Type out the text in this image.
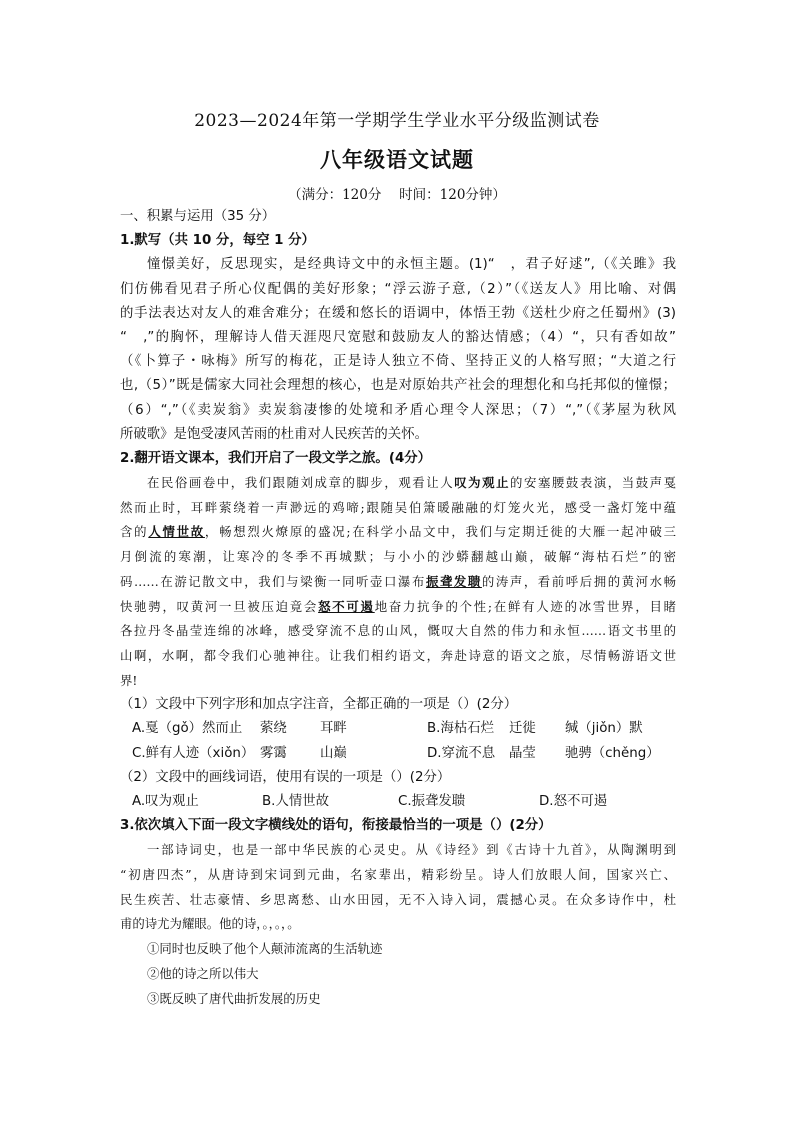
2023—2024年第一学期学生学业水平分级监测试卷
八年级语文试题
（满分：120分　 时间：120分钟）
一、积累与运用（35 分）
1.默写（共 10 分，每空 1 分）
憧憬美好，反思现实，是经典诗文中的永恒主题。(1)“　，君子好逑”,（《关雎》我
们仿佛看见君子所心仪配偶的美好形象；“浮云游子意,（2）”（《送友人》用比喻、对偶
的手法表达对友人的难舍难分；在缓和悠长的语调中，体悟王勃《送杜少府之任蜀州》(3)
“　,”的胸怀，理解诗人借天涯咫尺宽慰和鼓励友人的豁达情感；（4）“，只有香如故”
（《卜算子・咏梅》所写的梅花，正是诗人独立不倚、坚持正义的人格写照；“大道之行
也,（5）”既是儒家大同社会理想的核心，也是对原始共产社会的理想化和乌托邦似的憧憬；
（6）“,”（《卖炭翁》卖炭翁凄惨的处境和矛盾心理令人深思；（7）“,”（《茅屋为秋风
所破歌》是饱受凄风苦雨的杜甫对人民疾苦的关怀。
2.翻开语文课本，我们开启了一段文学之旅。(4分）
在民俗画卷中，我们跟随刘成章的脚步，观看让人叹为观止的安塞腰鼓表演，当鼓声戛
然而止时，耳畔萦绕着一声渺远的鸡啼;跟随吴伯箫暖融融的灯笼火光，感受一盏灯笼中蕴
含的人情世故，畅想烈火燎原的盛况;在科学小品文中，我们与定期迁徙的大雁一起冲破三
月倒流的寒潮，让寒冷的冬季不再城默；与小小的沙蟒翻越山巅，破解“海枯石烂”的密
码……在游记散文中，我们与梁衡一同听壶口瀑布振聋发聩的涛声，看前呼后拥的黄河水畅
快驰骋，叹黄河一旦被压迫竟会怒不可遏地奋力抗争的个性;在鲜有人迹的冰雪世界，目睹
各拉丹冬晶莹连绵的冰峰，感受穿流不息的山风，慨叹大自然的伟力和永恒……语文书里的
山啊，水啊，都令我们心驰神往。让我们相约语文，奔赴诗意的语文之旅，尽情畅游语文世
界!
（1）文段中下列字形和加点字注音，全都正确的一项是（）(2分）
A.戛（gǒ）然而止	萦绕	耳畔	B.海枯石烂	迁徙	缄（jiǒn）默
C.鲜有人迹（xiǒn） 雾霭	山巅	D.穿流不息	晶莹	驰骋（chěng）
（2）文段中的画线词语，使用有误的一项是（）(2分）
A.叹为观止	B.人情世故	C.振聋发聩	D.怒不可遏
3.依次填入下面一段文字横线处的语句，衔接最恰当的一项是（）(2分）
一部诗词史，也是一部中华民族的心灵史。从《诗经》到《古诗十九首》，从陶渊明到
“初唐四杰”，从唐诗到宋词到元曲，名家辈出，精彩纷呈。诗人们放眼人间，国家兴亡、
民生疾苦、壮志豪情、乡思离愁、山水田园，无不入诗入词，震撼心灵。在众多诗作中，杜
甫的诗尤为耀眼。他的诗，。，。，。
①同时也反映了他个人颠沛流离的生活轨迹
②他的诗之所以伟大
③既反映了唐代曲折发展的历史
